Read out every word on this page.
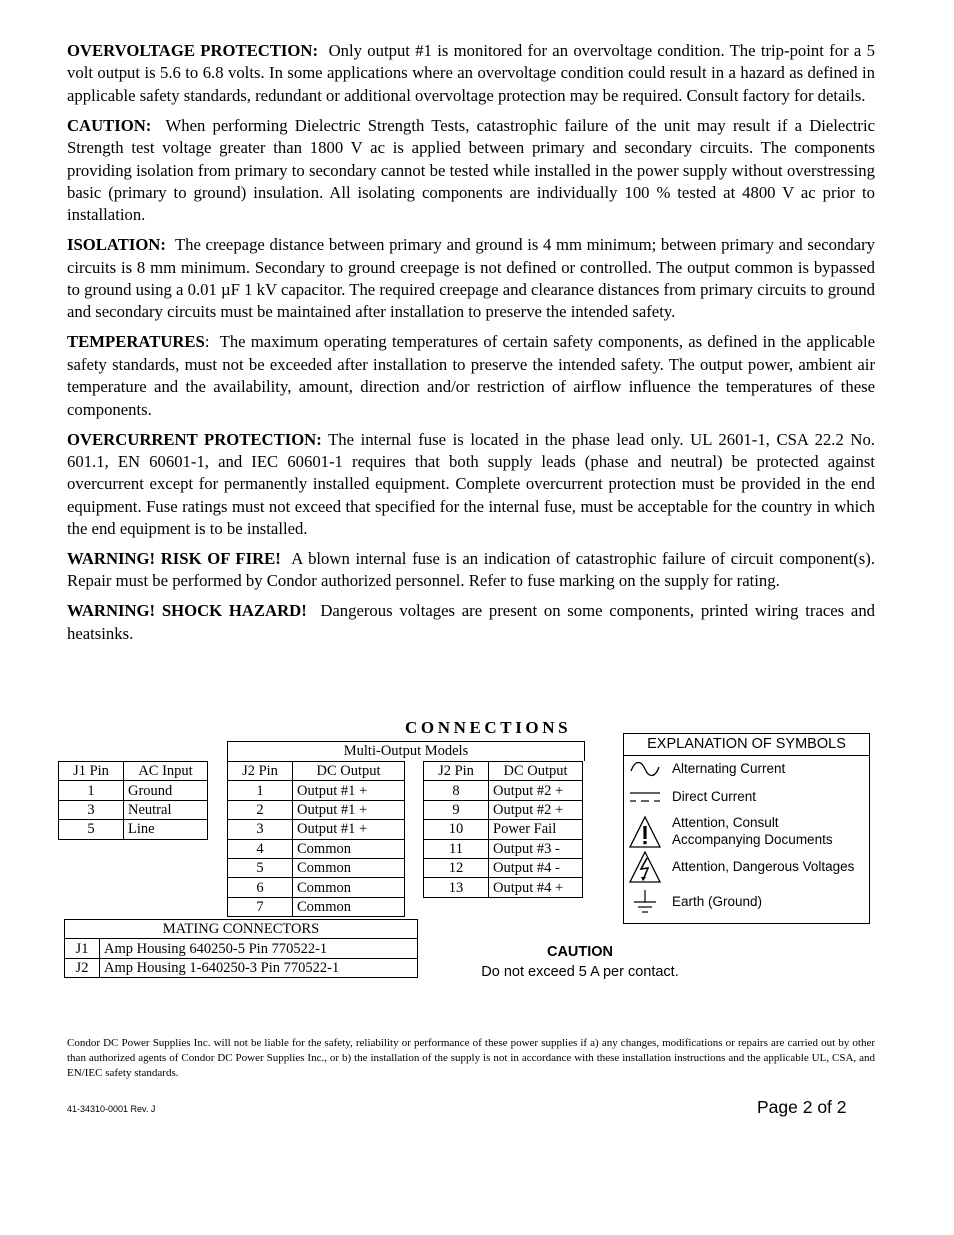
OVERVOLTAGE PROTECTION: Only output #1 is monitored for an overvoltage condition. The trip-point for a 5 volt output is 5.6 to 6.8 volts. In some applications where an overvoltage condition could result in a hazard as defined in applicable safety standards, redundant or additional overvoltage protection may be required. Consult factory for details.

CAUTION: When performing Dielectric Strength Tests, catastrophic failure of the unit may result if a Dielectric Strength test voltage greater than 1800 V ac is applied between primary and secondary circuits. The components providing isolation from primary to secondary cannot be tested while installed in the power supply without overstressing basic (primary to ground) insulation. All isolating components are individually 100 % tested at 4800 V ac prior to installation.

ISOLATION: The creepage distance between primary and ground is 4 mm minimum; between primary and secondary circuits is 8 mm minimum. Secondary to ground creepage is not defined or controlled. The output common is bypassed to ground using a 0.01 µF 1 kV capacitor. The required creepage and clearance distances from primary circuits to ground and secondary circuits must be maintained after installation to preserve the intended safety.

TEMPERATURES:  The maximum operating temperatures of certain safety components, as defined in the applicable safety standards, must not be exceeded after installation to preserve the intended safety. The output power, ambient air temperature and the availability, amount, direction and/or restriction of airflow influence the temperatures of these components.

OVERCURRENT PROTECTION: The internal fuse is located in the phase lead only. UL 2601-1, CSA 22.2 No. 601.1, EN 60601-1, and IEC 60601-1 requires that both supply leads (phase and neutral) be protected against overcurrent except for permanently installed equipment. Complete overcurrent protection must be provided in the end equipment. Fuse ratings must not exceed that specified for the internal fuse, must be acceptable for the country in which the end equipment is to be installed.

WARNING! RISK OF FIRE! A blown internal fuse is an indication of catastrophic failure of circuit component(s). Repair must be performed by Condor authorized personnel. Refer to fuse marking on the supply for rating.

WARNING! SHOCK HAZARD! Dangerous voltages are present on some components, printed wiring traces and heatsinks.

CONNECTIONS
J1 Pin	AC Input
1	Ground
3	Neutral
5	Line
Multi-Output Models
J2 Pin	DC Output
1	Output #1 +
2	Output #1 +
3	Output #1 +
4	Common
5	Common
6	Common
7	Common
J2 Pin	DC Output
8	Output #2 +
9	Output #2 +
10	Power Fail
11	Output #3 -
12	Output #4 -
13	Output #4 +
MATING CONNECTORS	
J1	Amp Housing 640250-5 Pin 770522-1
J2	Amp Housing 1-640250-3 Pin 770522-1
EXPLANATION OF SYMBOLS
Alternating Current
Direct Current
Attention, Consult
Accompanying Documents
Attention, Dangerous Voltages
Earth (Ground)
CAUTION
Do not exceed 5 A per contact.
Condor DC Power Supplies Inc. will not be liable for the safety, reliability or performance of these power supplies if a) any changes, modifications or repairs are carried out by other than authorized agents of Condor DC Power Supplies Inc., or b) the installation of the supply is not in accordance with these installation instructions and the applicable UL, CSA, and EN/IEC safety standards.
41-34310-0001 Rev. J	Page 2 of 2
